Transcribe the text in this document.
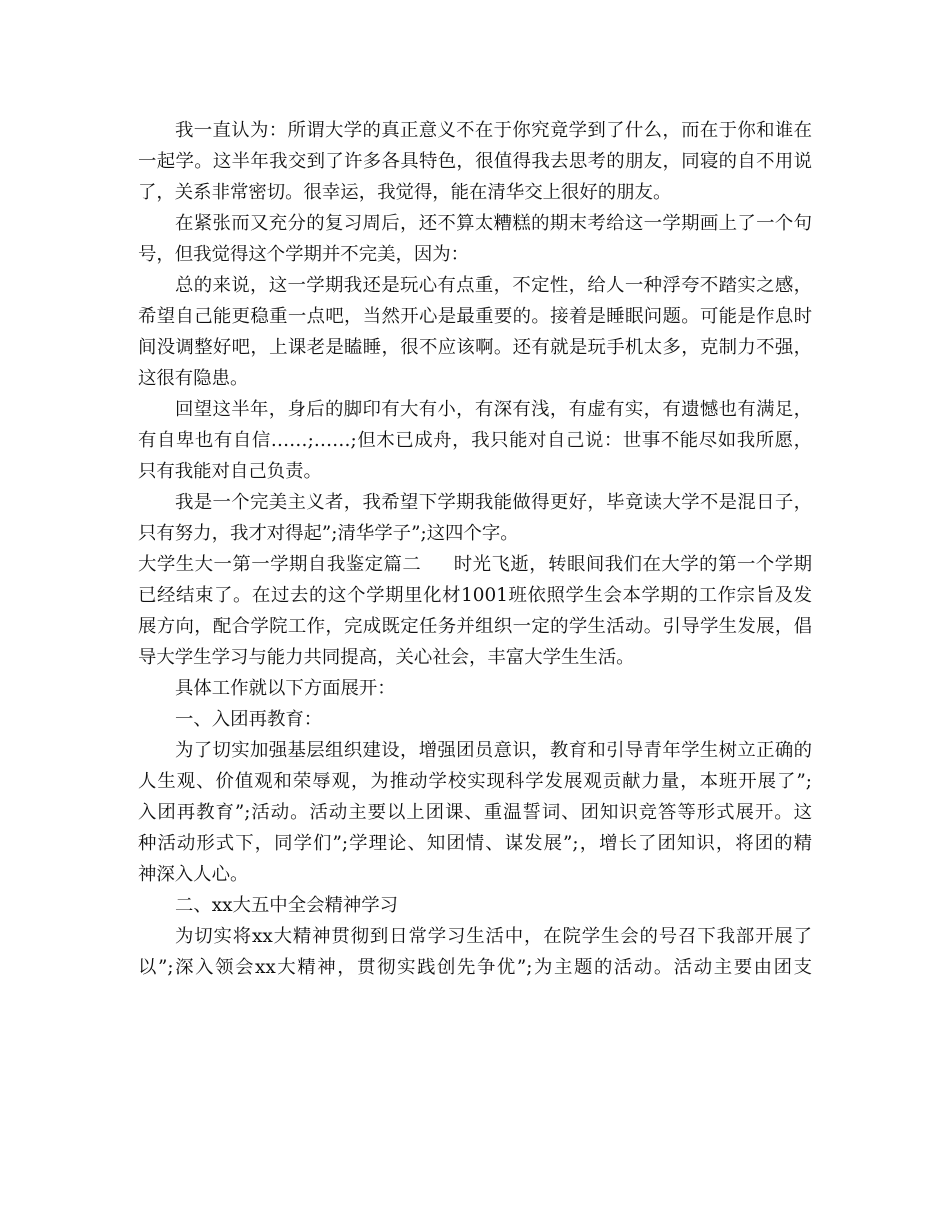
我一直认为：所谓大学的真正意义不在于你究竟学到了什么，而在于你和谁在
一起学。这半年我交到了许多各具特色，很值得我去思考的朋友，同寝的自不用说
了，关系非常密切。很幸运，我觉得，能在清华交上很好的朋友。
在紧张而又充分的复习周后，还不算太糟糕的期末考给这一学期画上了一个句
号，但我觉得这个学期并不完美，因为：
总的来说，这一学期我还是玩心有点重，不定性，给人一种浮夸不踏实之感，
希望自己能更稳重一点吧，当然开心是最重要的。接着是睡眠问题。可能是作息时
间没调整好吧，上课老是瞌睡，很不应该啊。还有就是玩手机太多，克制力不强，
这很有隐患。
回望这半年，身后的脚印有大有小，有深有浅，有虚有实，有遗憾也有满足，
有自卑也有自信……;……;但木已成舟，我只能对自己说：世事不能尽如我所愿，
只有我能对自己负责。
我是一个完美主义者，我希望下学期我能做得更好，毕竟读大学不是混日子，
只有努力，我才对得起”;清华学子”;这四个字。
大学生大一第一学期自我鉴定篇二 时光飞逝，转眼间我们在大学的第一个学期
已经结束了。在过去的这个学期里化材1001班依照学生会本学期的工作宗旨及发
展方向，配合学院工作，完成既定任务并组织一定的学生活动。引导学生发展，倡
导大学生学习与能力共同提高，关心社会，丰富大学生生活。
具体工作就以下方面展开：
一、入团再教育：
为了切实加强基层组织建设，增强团员意识，教育和引导青年学生树立正确的
人生观、价值观和荣辱观，为推动学校实现科学发展观贡献力量，本班开展了”;
入团再教育”;活动。活动主要以上团课、重温誓词、团知识竞答等形式展开。这
种活动形式下，同学们”;学理论、知团情、谋发展”;，增长了团知识，将团的精
神深入人心。
二、xx大五中全会精神学习
为切实将xx大精神贯彻到日常学习生活中，在院学生会的号召下我部开展了
以”;深入领会xx大精神，贯彻实践创先争优”;为主题的活动。活动主要由团支
